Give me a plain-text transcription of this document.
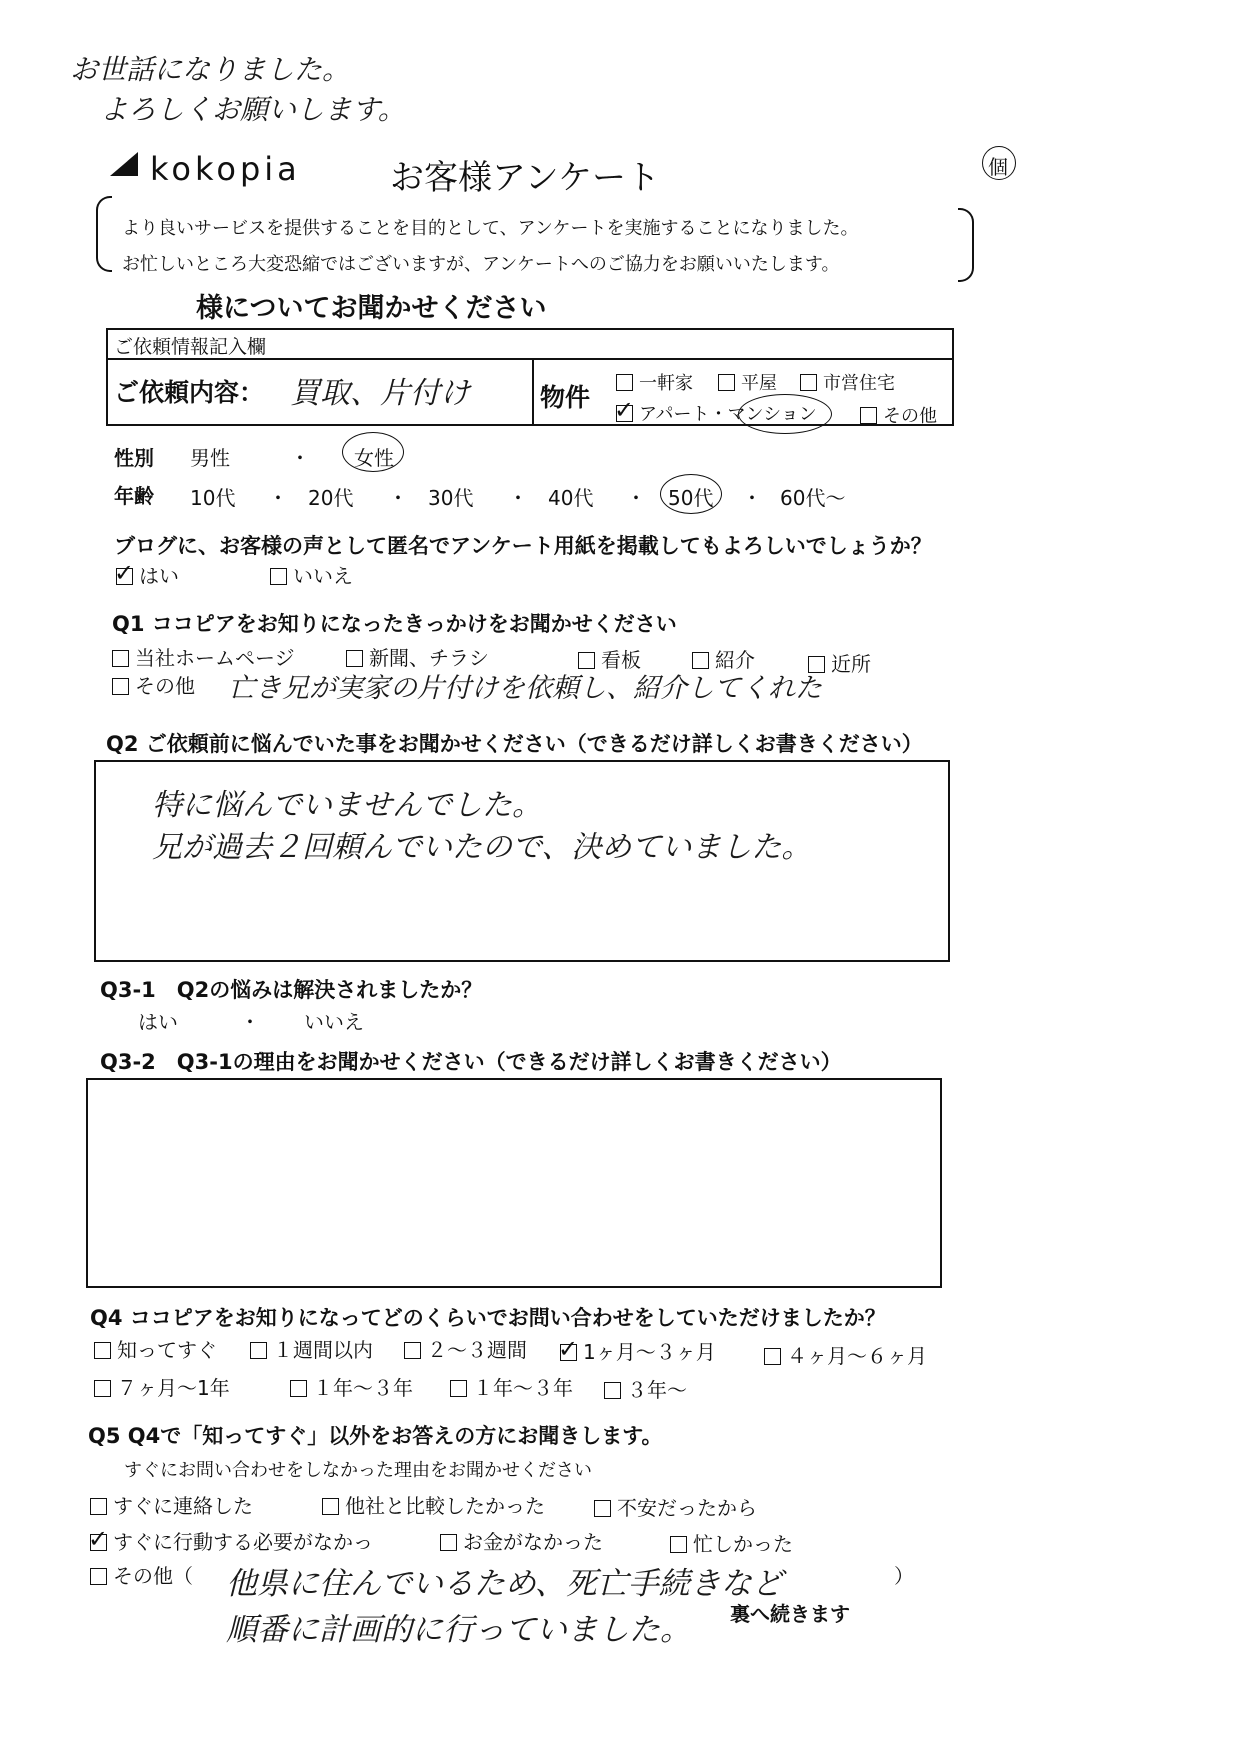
お世話になりました。
よろしくお願いします。
kokopia	お客様アンケート	個
より良いサービスを提供することを目的として、アンケートを実施することになりました。
お忙しいところ大変恐縮ではございますが、アンケートへのご協力をお願いいたします。
様についてお聞かせください
ご依頼情報記入欄
ご依頼内容： 買取、片付け	物件	一軒家	平屋	市営住宅
✓アパート・マンション	その他
性別 男性	・ 女性
年齢 10代 ・ 20代 ・ 30代 ・ 40代 ・ 50代 ・ 60代〜
ブログに、お客様の声として匿名でアンケート用紙を掲載してもよろしいでしょうか？
✓はい	いいえ
Q1 ココピアをお知りになったきっかけをお聞かせください
当社ホームページ	新聞、チラシ	看板	紹介	近所
その他 亡き兄が実家の片付けを依頼し、紹介してくれた
Q2 ご依頼前に悩んでいた事をお聞かせください（できるだけ詳しくお書きください）
特に悩んでいませんでした。
兄が過去２回頼んでいたので、決めていました。
Q3-1　Q2の悩みは解決されましたか？
はい	・ いいえ
Q3-2　Q3-1の理由をお聞かせください（できるだけ詳しくお書きください）
Q4 ココピアをお知りになってどのくらいでお問い合わせをしていただけましたか？
知ってすぐ	１週間以内	２〜３週間
✓	1ヶ月〜３ヶ月	４ヶ月〜６ヶ月
７ヶ月〜1年	１年〜３年	１年〜３年	３年〜
Q5 Q4で「知ってすぐ」以外をお答えの方にお聞きします。
すぐにお問い合わせをしなかった理由をお聞かせください
すぐに連絡した	他社と比較したかった	不安だったから
✓すぐに行動する必要がなかっ	お金がなかった	忙しかった
その他（	）
他県に住んでいるため、死亡手続きなど
順番に計画的に行っていました。 裏へ続きます
